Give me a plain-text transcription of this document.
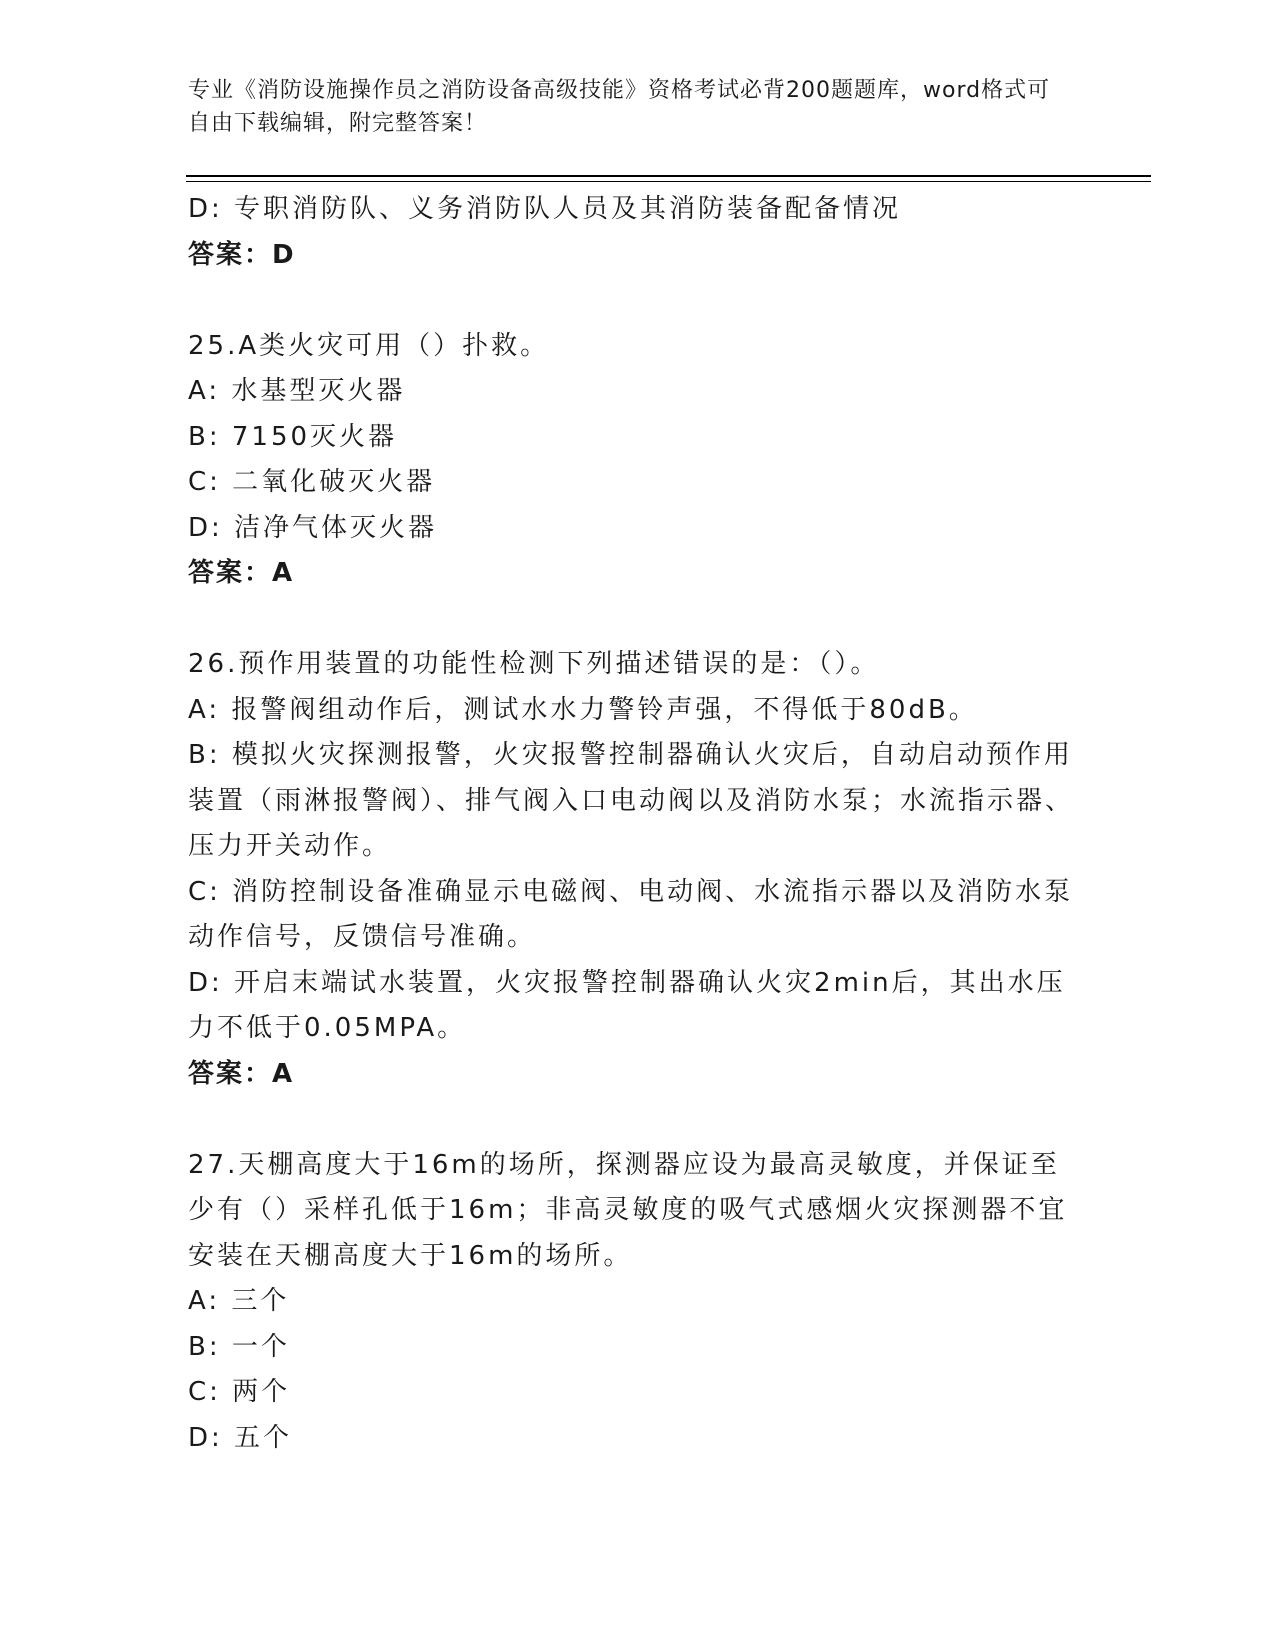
专业《消防设施操作员之消防设备高级技能》资格考试必背200题题库，word格式可自由下载编辑，附完整答案！

D: 专职消防队、义务消防队人员及其消防装备配备情况

答案：D

25.A类火灾可用（）扑救。

A: 水基型灭火器

B: 7150灭火器

C: 二氧化破灭火器

D: 洁净气体灭火器

答案：A

26.预作用装置的功能性检测下列描述错误的是：（）。

A: 报警阀组动作后，测试水水力警铃声强，不得低于80dB。

B: 模拟火灾探测报警，火灾报警控制器确认火灾后，自动启动预作用装置（雨淋报警阀）、排气阀入口电动阀以及消防水泵；水流指示器、压力开关动作。

C: 消防控制设备准确显示电磁阀、电动阀、水流指示器以及消防水泵动作信号，反馈信号准确。

D: 开启末端试水装置，火灾报警控制器确认火灾2min后，其出水压力不低于0.05MPA。

答案：A

27.天棚高度大于16m的场所，探测器应设为最高灵敏度，并保证至少有（）采样孔低于16m；非高灵敏度的吸气式感烟火灾探测器不宜安装在天棚高度大于16m的场所。

A: 三个

B: 一个

C: 两个

D: 五个
